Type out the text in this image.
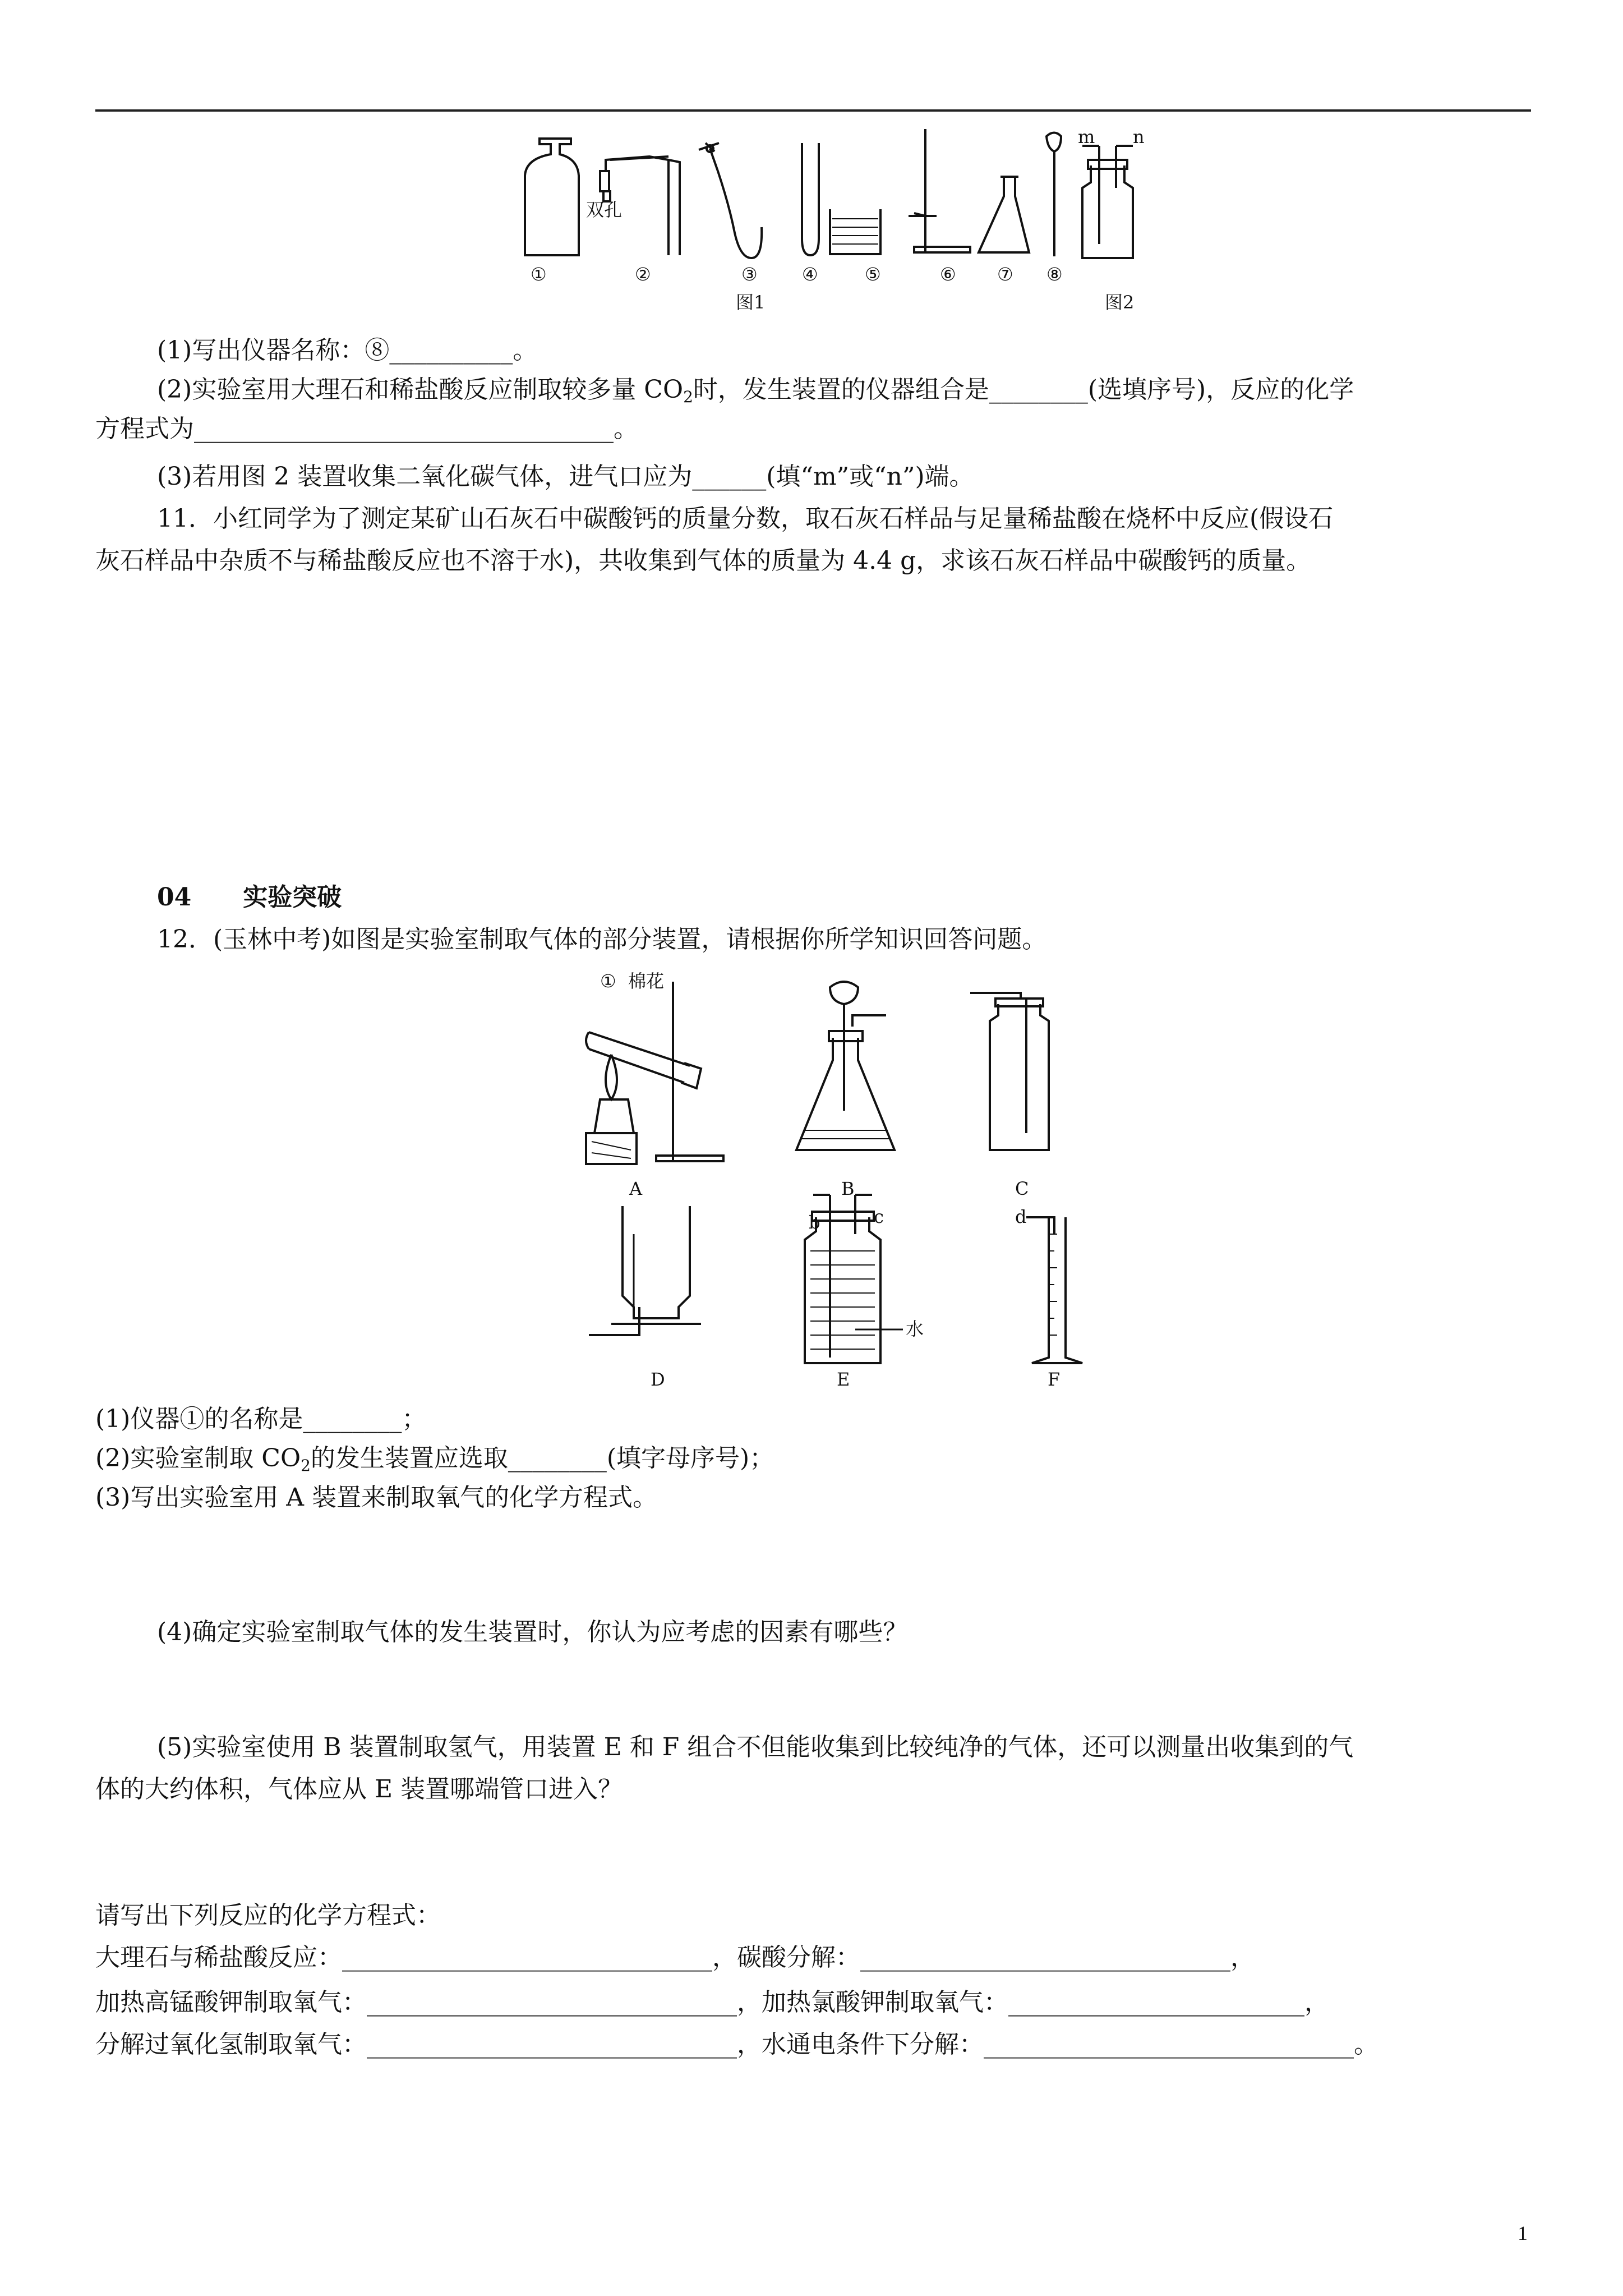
双孔
①	②	③ ④	⑤	⑥ ⑦ ⑧
图1	图2
m n
(1)写出仪器名称：⑧__________。
(2)实验室用大理石和稀盐酸反应制取较多量 $CO_2$时，发生装置的仪器组合是________(选填序号)，反应的化学
方程式为__________________________________。
(3)若用图 2 装置收集二氧化碳气体，进气口应为______(填“m”或“n”)端。
11．小红同学为了测定某矿山石灰石中碳酸钙的质量分数，取石灰石样品与足量稀盐酸在烧杯中反应(假设石
灰石样品中杂质不与稀盐酸反应也不溶于水)，共收集到气体的质量为 4.4 g，求该石灰石样品中碳酸钙的质量。
04 实验突破
12．(玉林中考)如图是实验室制取气体的部分装置，请根据你所学知识回答问题。
① 棉花
A	B	C
D	E	F
b	c	d
水
(1)仪器①的名称是________；
(2)实验室制取 $CO_2$的发生装置应选取________(填字母序号)；
(3)写出实验室用 A 装置来制取氧气的化学方程式。
(4)确定实验室制取气体的发生装置时，你认为应考虑的因素有哪些？
(5)实验室使用 B 装置制取氢气，用装置 E 和 F 组合不但能收集到比较纯净的气体，还可以测量出收集到的气
体的大约体积，气体应从 E 装置哪端管口进入？
请写出下列反应的化学方程式：
大理石与稀盐酸反应：______________________________，碳酸分解：______________________________，
加热高锰酸钾制取氧气：______________________________，加热氯酸钾制取氧气：________________________，
分解过氧化氢制取氧气：______________________________，水通电条件下分解：______________________________。
1
